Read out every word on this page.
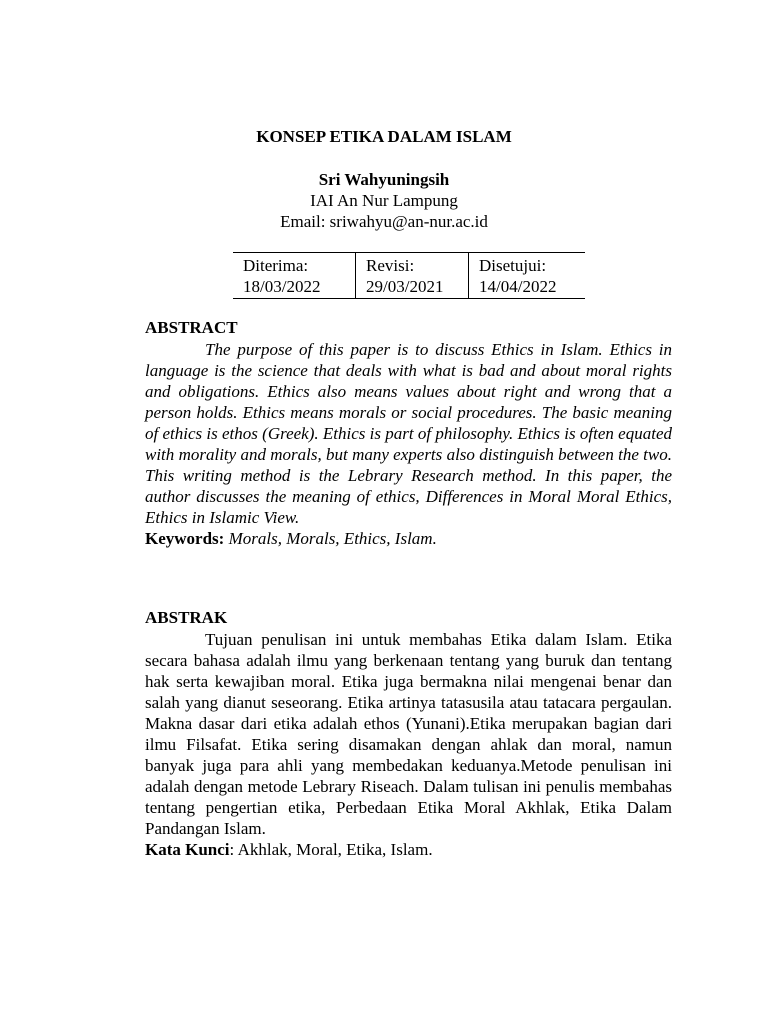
KONSEP ETIKA DALAM ISLAM
Sri Wahyuningsih
IAI An Nur Lampung
Email: sriwahyu@an-nur.ac.id
Diterima:
18/03/2022

Revisi:
29/03/2021

Disetujui:
14/04/2022
ABSTRACT

The purpose of this paper is to discuss Ethics in Islam. Ethics in language is the science that deals with what is bad and about moral rights and obligations. Ethics also means values about right and wrong that a person holds. Ethics means morals or social procedures. The basic meaning of ethics is ethos (Greek). Ethics is part of philosophy. Ethics is often equated with morality and morals, but many experts also distinguish between the two. This writing method is the Lebrary Research method. In this paper, the author discusses the meaning of ethics, Differences in Moral Moral Ethics, Ethics in Islamic View.

Keywords: Morals, Morals, Ethics, Islam.
ABSTRAK

Tujuan penulisan ini untuk membahas Etika dalam Islam. Etika secara bahasa adalah ilmu yang berkenaan tentang yang buruk dan tentang hak serta kewajiban moral. Etika juga bermakna nilai mengenai benar dan salah yang dianut seseorang. Etika artinya tatasusila atau tatacara pergaulan. Makna dasar dari etika adalah ethos (Yunani).Etika merupakan bagian dari ilmu Filsafat. Etika sering disamakan dengan ahlak dan moral, namun banyak juga para ahli yang membedakan keduanya.Metode penulisan ini adalah dengan metode Lebrary Riseach. Dalam tulisan ini penulis membahas tentang pengertian etika, Perbedaan Etika Moral Akhlak, Etika Dalam Pandangan Islam.

Kata Kunci: Akhlak, Moral, Etika, Islam.
